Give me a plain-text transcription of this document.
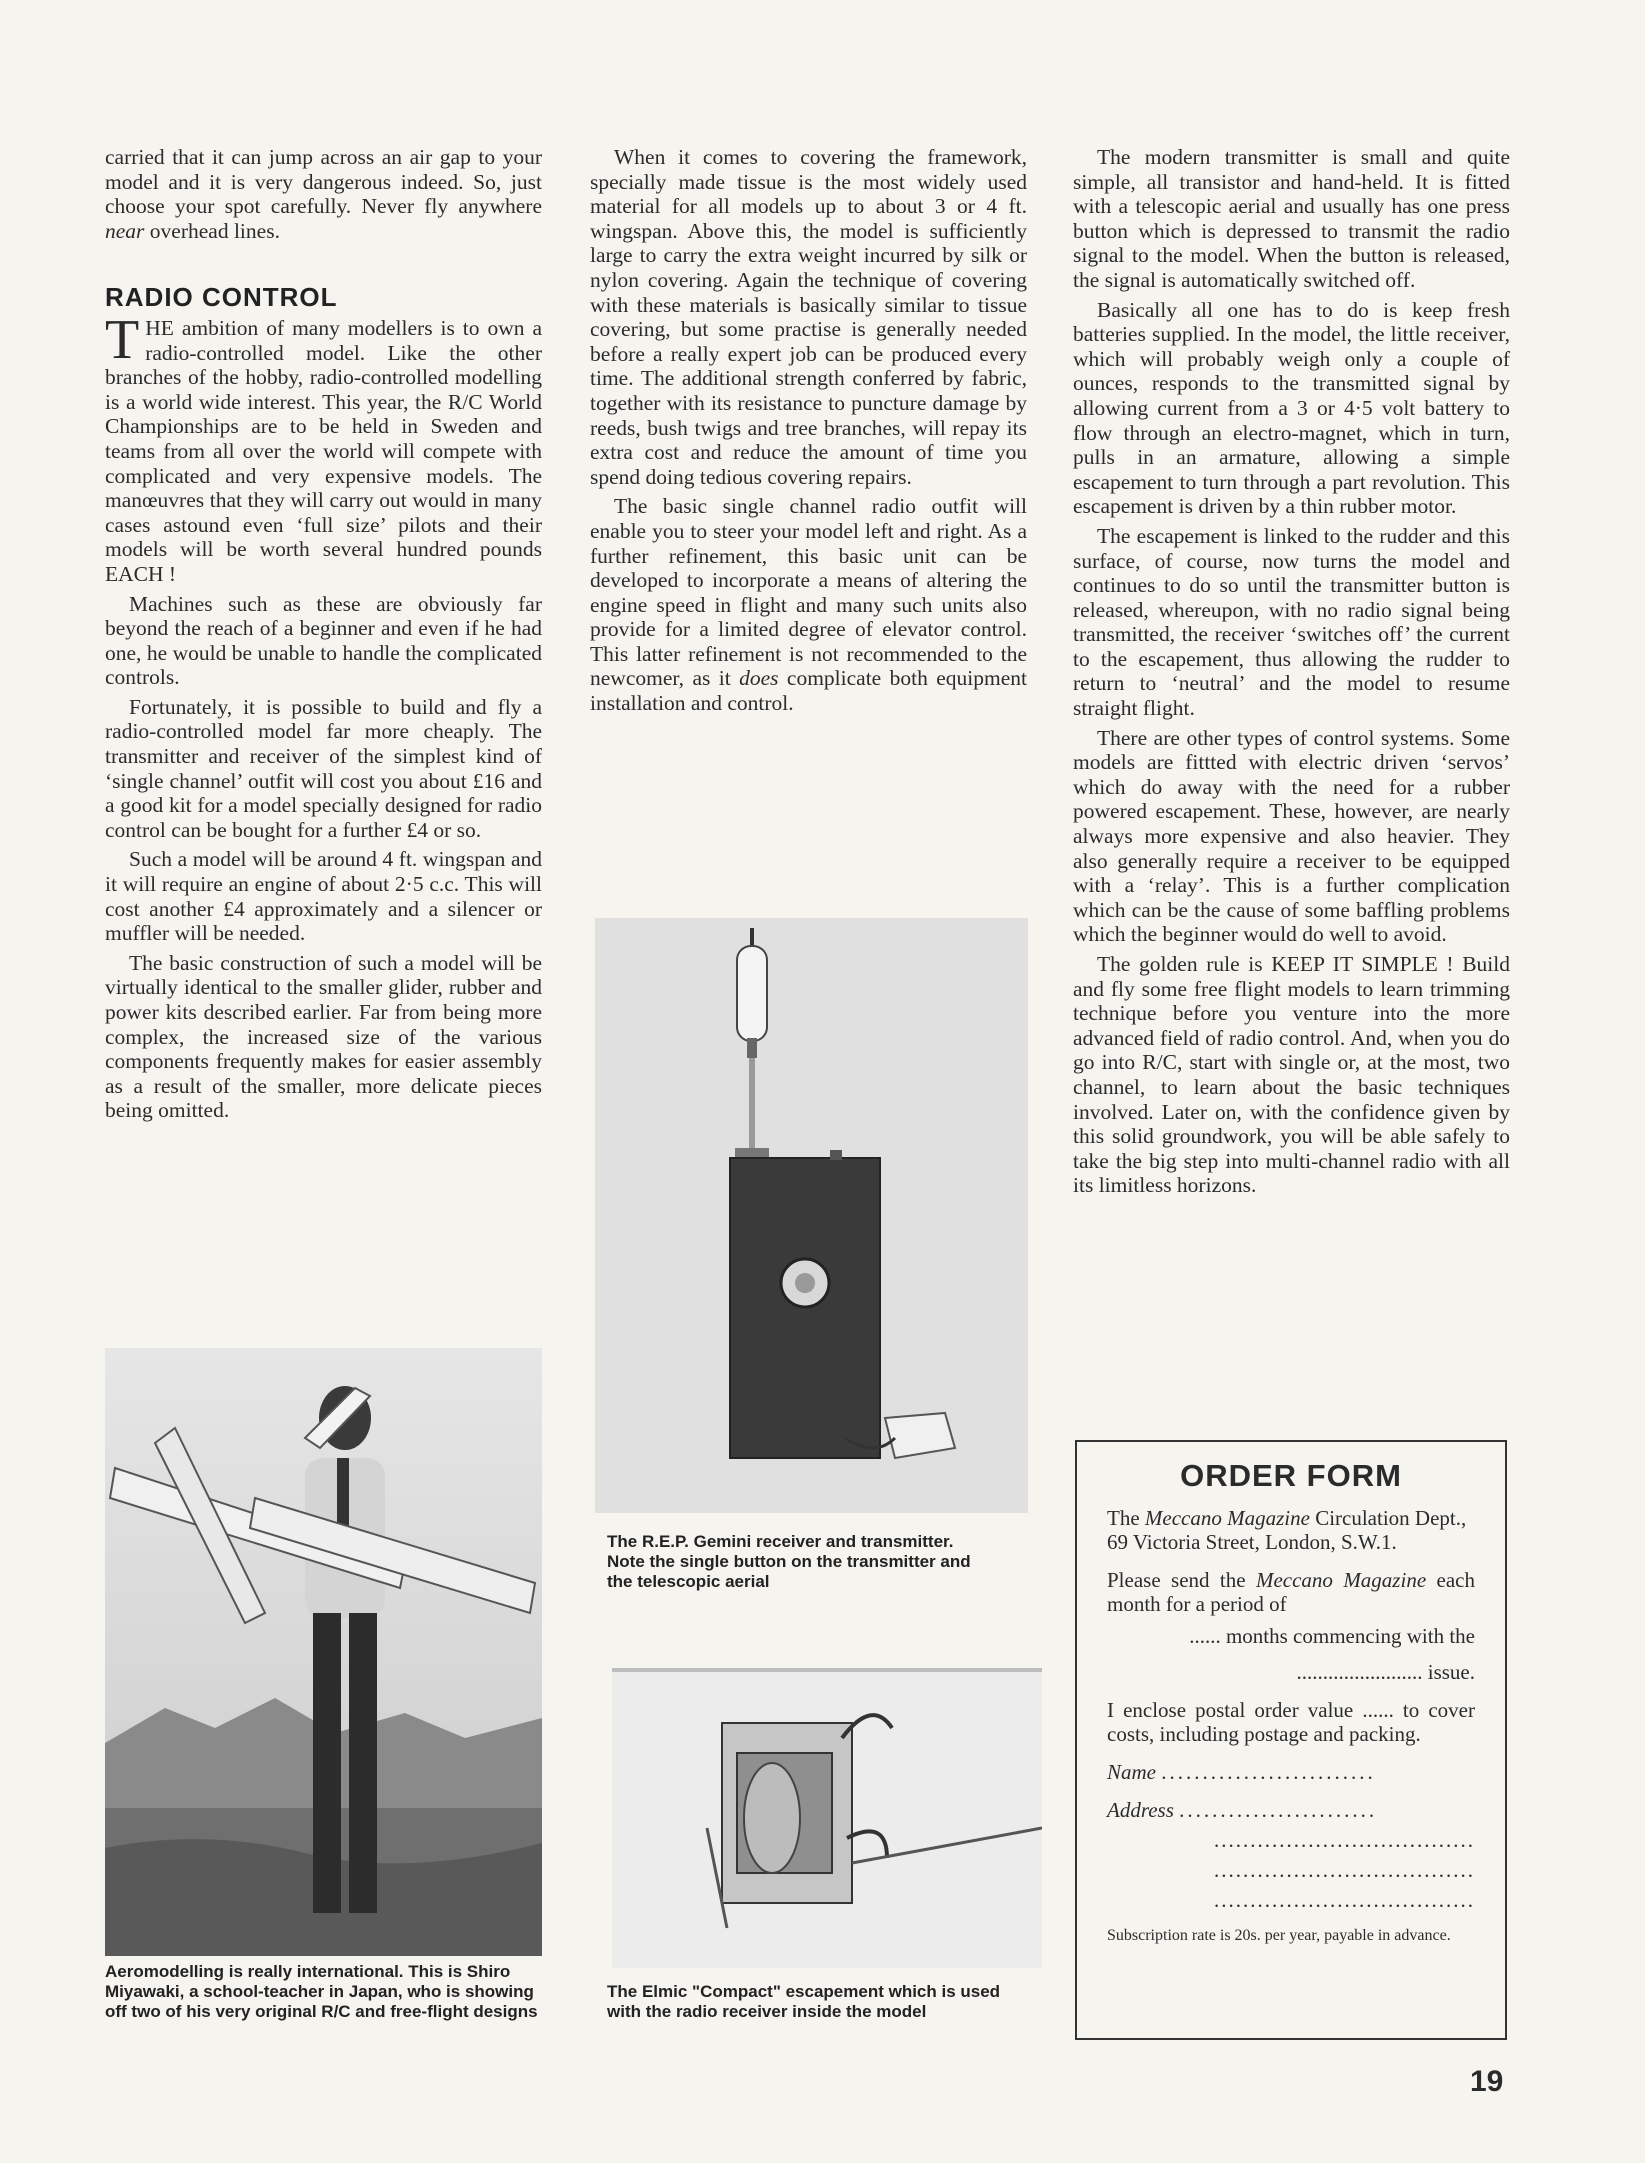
carried that it can jump across an air gap to your model and it is very dangerous indeed. So, just choose your spot carefully. Never fly anywhere near overhead lines.

RADIO CONTROL

THE ambition of many modellers is to own a radio-controlled model. Like the other branches of the hobby, radio-controlled modelling is a world wide interest. This year, the R/C World Championships are to be held in Sweden and teams from all over the world will compete with complicated and very expensive models. The manœuvres that they will carry out would in many cases astound even ‘full size’ pilots and their models will be worth several hundred pounds EACH !

Machines such as these are obviously far beyond the reach of a beginner and even if he had one, he would be unable to handle the complicated controls.

Fortunately, it is possible to build and fly a radio-controlled model far more cheaply. The transmitter and receiver of the simplest kind of ‘single channel’ outfit will cost you about £16 and a good kit for a model specially designed for radio control can be bought for a further £4 or so.

Such a model will be around 4 ft. wingspan and it will require an engine of about 2·5 c.c. This will cost another £4 approximately and a silencer or muffler will be needed.

The basic construction of such a model will be virtually identical to the smaller glider, rubber and power kits described earlier. Far from being more complex, the increased size of the various components frequently makes for easier assembly as a result of the smaller, more delicate pieces being omitted.

Aeromodelling is really international. This is Shiro Miyawaki, a school-teacher in Japan, who is showing off two of his very original R/C and free-flight designs

When it comes to covering the framework, specially made tissue is the most widely used material for all models up to about 3 or 4 ft. wingspan. Above this, the model is sufficiently large to carry the extra weight incurred by silk or nylon covering. Again the technique of covering with these materials is basically similar to tissue covering, but some practise is generally needed before a really expert job can be produced every time. The additional strength conferred by fabric, together with its resistance to puncture damage by reeds, bush twigs and tree branches, will repay its extra cost and reduce the amount of time you spend doing tedious covering repairs.

The basic single channel radio outfit will enable you to steer your model left and right. As a further refinement, this basic unit can be developed to incorporate a means of altering the engine speed in flight and many such units also provide for a limited degree of elevator control. This latter refinement is not recommended to the newcomer, as it does complicate both equipment installation and control.

The R.E.P. Gemini receiver and transmitter. Note the single button on the transmitter and the telescopic aerial
The Elmic "Compact" escapement which is used with the radio receiver inside the model

The modern transmitter is small and quite simple, all transistor and hand-held. It is fitted with a telescopic aerial and usually has one press button which is depressed to transmit the radio signal to the model. When the button is released, the signal is automatically switched off.

Basically all one has to do is keep fresh batteries supplied. In the model, the little receiver, which will probably weigh only a couple of ounces, responds to the transmitted signal by allowing current from a 3 or 4·5 volt battery to flow through an electro-magnet, which in turn, pulls in an armature, allowing a simple escapement to turn through a part revolution. This escapement is driven by a thin rubber motor.

The escapement is linked to the rudder and this surface, of course, now turns the model and continues to do so until the transmitter button is released, whereupon, with no radio signal being transmitted, the receiver ‘switches off’ the current to the escapement, thus allowing the rudder to return to ‘neutral’ and the model to resume straight flight.

There are other types of control systems. Some models are fittted with electric driven ‘servos’ which do away with the need for a rubber powered escapement. These, however, are nearly always more expensive and also heavier. They also generally require a receiver to be equipped with a ‘relay’. This is a further complication which can be the cause of some baffling problems which the beginner would do well to avoid.

The golden rule is KEEP IT SIMPLE ! Build and fly some free flight models to learn trimming technique before you venture into the more advanced field of radio control. And, when you do go into R/C, start with single or, at the most, two channel, to learn about the basic techniques involved. Later on, with the confidence given by this solid groundwork, you will be able safely to take the big step into multi-channel radio with all its limitless horizons.

ORDER FORM

The Meccano Magazine Circulation Dept.,
69 Victoria Street, London, S.W.1.

Please send the Meccano Magazine each month for a period of

...... months commencing with the

........................ issue.

I enclose postal order value ...... to cover costs, including postage and packing.

Name ..........................

Address ........................

....................................

....................................

....................................

Subscription rate is 20s. per year, payable in advance.

19
